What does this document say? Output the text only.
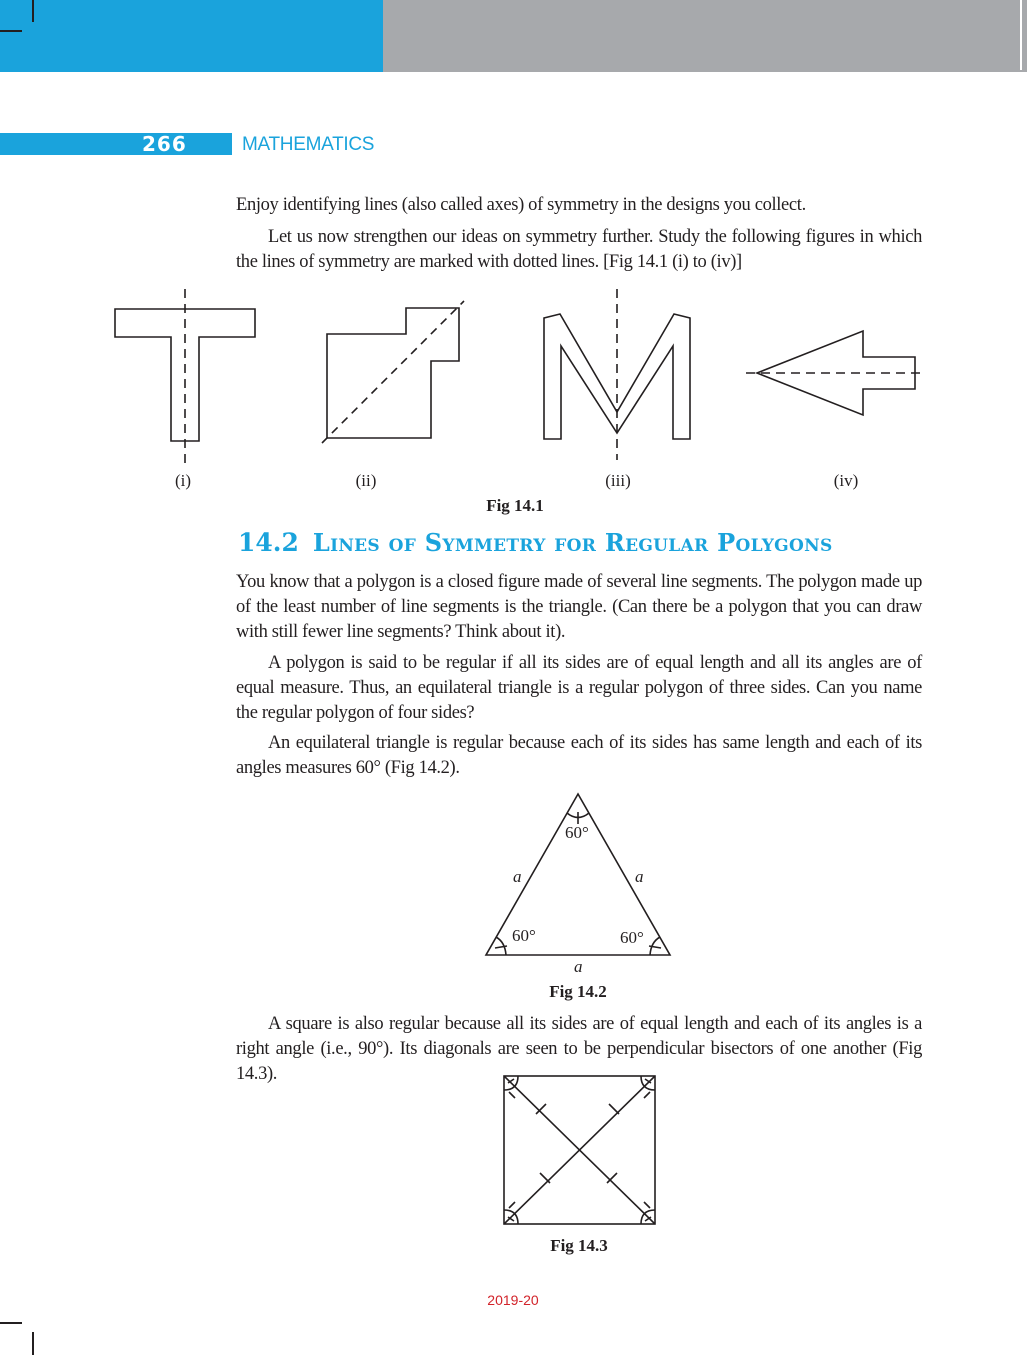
266	MATHEMATICS

Enjoy identifying lines (also called axes) of symmetry in the designs you collect.

Let us now strengthen our ideas on symmetry further. Study the following figures in which the lines of symmetry are marked with dotted lines. [Fig 14.1 (i) to (iv)]

(i)	(ii)	(iii)	(iv)
Fig 14.1
14.2 Lines of Symmetry for Regular Polygons

You know that a polygon is a closed figure made of several line segments. The polygon made up of the least number of line segments is the triangle. (Can there be a polygon that you can draw with still fewer line segments? Think about it).

A polygon is said to be regular if all its sides are of equal length and all its angles are of equal measure. Thus, an equilateral triangle is a regular polygon of three sides. Can you name the regular polygon of four sides?

An equilateral triangle is regular because each of its sides has same length and each of its angles measures 60° (Fig 14.2).

a	a
a
60°
60°	60°
Fig 14.2

A square is also regular because all its sides are of equal length and each of its angles is a right angle (i.e., 90°). Its diagonals are seen to be perpendicular bisectors of one another (Fig 14.3).

Fig 14.3
2019-20
